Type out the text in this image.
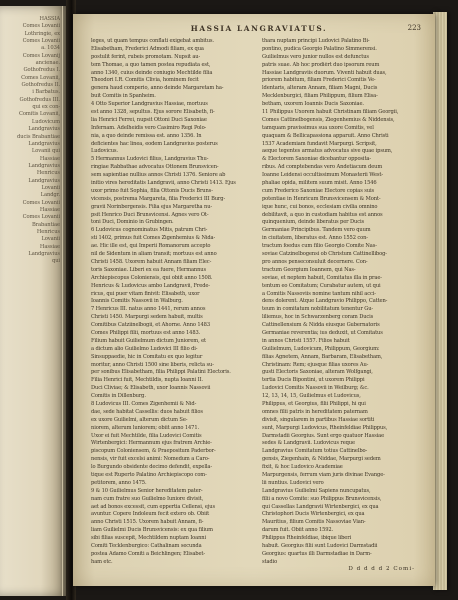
HASSIA
Comes Lovanii
Lothringie, ex
Comes Lovanii
a. 1034
Comes Lovanij
ancienae.
Gothofredus I.
Comes Lovanii,
Gothofredus II.
i Barbatus.
Gothofredus III.
qui ex con-
Comitis Lovanii,
Ludovicum
Landgravius
ducis Brabantiae
Landgravius
Lovanii qui
Hassiae
Landgravius
Henricus
Landgravius
Lovanii
Landgr.
Comes Lovanii
Hassiae
Comes Lovanii
Brabantiae
Henricus
Lovanii
Hassiae
Landgravius
qui
HASSIA LANGRAVIATUS.	223
leges, ut quam tempus conflati exigebat ambitus.
Elisabetham, Frederici Admodi filiam, ex qua
postulit ferint, rubeis promotam. Nupsit au-
tem Thomae, a quo tamen postea repudiata est,
anno 1340, cuius deinde coniugio Mechtilde filia
Theodori I.R. Comitis Clivia, hominem fecit
genera haud comperio, anno deinde Margaretam ha-
buit Comitis in Spanheim.
4 Otto Superior Landgravius Hassiae, mortuus
est anno 1328, sepultus. Ejus sorore Elisabeth, fi-
lia Henrici Ferrei, nupsit Ottoni Duci Saxoniae
Infernam. Adelheidis vero Casimiro Regi Polo-
nia, a quo deinde remissa est. anno 1356. In
deficientes hac linea, eodem Landgravius posterus
Ludovicus.
5 Hermannus Ludovici filius, Landgravius Thu-
ringiae Rabbathae advocatus Ottonem Brunsvicen-
sem sapientiae nullius annos Christi 1376. Seniore ab
initio vires hereditatis Landgravii, anno Christi 1413. Ejus
uxor primo fuit Sophia, filia Ottonis Ducis Bruns-
vicensis, postrema Margareta, filia Frederici III Burg-
gravii Norinbergensis. Filia ejus Margaretha nu-
psit Henrico Duci Brunsvicensi. Agnes vero Ot-
toni Duci, Dominio in Grubingen.
6 Ludovicus cognominatus Mitis, patrum Chri-
sti 1402, primus fuit Comes Zigenhemius & Nida-
ae. Hic ille est, qui Imperii Romanorum accepto
nil de Sidentum in aliam transit; mortuus est anno
Christi 1458. Uxorem habuit Annam filiam Elec-
toris Saxoniae. Liberi ex ea fuere, Hermannus
Archiepiscopus Coloniensis, qui obiit anno 1508.
Henricus & Ludovicus ambo Landgravii, Frede-
ricus, qui puer vitam finivit: Elisabeth, uxor
Ioannis Comitis Nassovii in Walburg.
7 Henricus III. natus anno 1441, rerum annos
Christi 1450. Marpurgi sedem habuit, multis
Comitibus Catziinelbogii, et Ahorne. Anno 1483
Comes Philippi filii, mortuus est anno 1483.
Filium habuit Guilielmum dictum Juniorem, et
a dictum alio Guilielmo Ludovici III filio di-
Sinsuppaedie, hic in Comitatu ex quo legitur
moritur, anno Christi 1500 sine liberis, relicta su-
per sonibus Elisabetham, filia Philippi Palatini Electoris.
Filia Henrici fuit, Mechtildis, nupta Ioanni II.
Duci Cliviae; & Elisabeth, uxor Ioannis Nassovii
Comitis in Dillenburg.
8 Ludovicus III. Comes Zigenhemii & Nid-
dae, sede habitat Cassellis: duos habuit filios
ex uxore Guilielmi, alterum dictum Se-
niorem, alterum luniorem; obiit anno 1471.
Uxor ei fuit Mechtilde, filia Ludovici Comitis
Wirtenbergici: Hermannum ejus fratrem Archie-
piscopum Coloniensem, & Praepositum Paderbor-
nensis, vir fuit excelsi animi: Nomedum a Caro-
lo Burgundo obsidente decimo defendit, expella-
tique est Ruperto Palatino Archiepiscopo com-
petitorem, anno 1475.
9 & 10 Guilielmus Senior hereditatem pater-
nam cum fratre suo Guilielmo Iuniore divisit,
aet ad bonos excessit, cum eppertia Cellensi, ejus
avuntur. Copere Indoleum fecit extero ob. Obiit
anno Christi 1515. Uxorem habuit Annam, fi-
liam Guilielmi Ducis Brunsvicensis: ex qua filium
sibi filias suscepit, Mechtildem nuptam Ioanni
Comiti Tecklenburgico: Cathalinam secunda
postea Adamo Comiti a Beichlingen; Elisabet-
ham etc.
thara nuptam principi Ludovici Palatino Bi-
pontino, pudica Georgio Palatino Simmerensi.
Guilielmus vero junior nullos est defunctus
patris suae. Ab hoc prodiêrt duo ipsorum reum
Hassiae Landgraviis duorum. Viventi habuit duas,
priorem habitum, filiam Frederici Comitis Ve-
ldentaris, alteram Annam, filiam Magni, Ducis
Mecklenburgici, filiam Philippum, filium Elisa-
betham, uxorem Ioannis Ducis Saxoniae.
11 Philippus Uxorem habuit Christinam filiam Georgii,
Comes Cattinelbogensis, Ziegenhemius & Niddensis,
tamquam pravissimus sua uxore Comitis, vel
quaquam & Bellicapassiona apparuit. Anno Christi
1537 Academiam fundavit Marpurgi. Scripsit,
aeque tegentes armatus advocatus sive quae ipsum,
& Electorem Saxoniae dicebantur opposita-
ribus. Ad comptebendas vero Andetiacum deum
Ioanne Leidensi occultissimum Monasterii West-
phaliae opida, militem suum misit. Anno 1546
cum Frederico Saxoniae Electore copias suis
potentiae in Henricum Brunsvicensem & Mont-
ique hunc, cui bonos, ecclesiam civilia omnino
debilitavit, a quo in custodiam habitus est annos
quinquenium, deinde liberatus per Ducis
Germaniae Principibus. Tandem vero quum
in ciuitatem, liberatus est. Anno 1552 con-
tractum foedus cum filio Georgio Comite Nas-
soviae Catzinelbogensi ob Christum Cattinellibog-
pro annos penseconsuluit decernere. Con-
tractum Georgium Ioannem, qui Nas-
soviae, et neptem habuit, Comitatus illa in prae-
tentum eo Comitatum; Curabatur autem, ut qui
a Comitis Nassoviis nomine tantum nihil acci-
dens dolerent. Atque Landgravio Philippo, Catten-
teum in comitatum nobilitatum tenentur Gu-
liliemus, hoc in Schwarzenberg coram Ducis
Cattinellensium & Nidda eiusque Gubernatoris
Germaniae reverentia; ius deduxit, ut Comitatus
in annos Christi 1557. Filios habuit
Guilielmum, Ludovicum, Philippum, Georgium:
filias Agnetem, Annam, Barbaram, Elisabetham,
Christinam: Rem; ejusque filias uxores Au-
gusti Electoris Saxoniae, alteram Wolfgangi,
tertia Ducis Bipontini, ut uxorem Philippi
Ludovici Comitis Nassovii in Weilburg; &c.
12, 13, 14, 15, Guilielmus et Ludovicus,
Philippus, et Georgius, filii Philippi, hi qui
omnes filii patris in hereditatem paternam
divisit, singularem in partibus Hassiae sortiti
sunt, Marpurgi Ludovicus, Rheinfeldiae Philippus,
Darmstadii Georgius. Sunt ergo quatuor Hassiae
sedes & Landgravii. Ludovicus reque
Landgravius Comitatum totius Cattinelbo-
gensis, Ziegenhain, & Niddae, Marpurgi sedem
fixit, & hoc Ludovico Academiae
Marpurgensis, ferrum viam juris divinae Evange-
lii nuntius. Ludovici vero
Landgravius Guilielmi Sapiens nuncupatus,
filii a novo Comite: suo Philippus Brunsvicensis,
qui Cassellas Landgravii Wirtenbergici, ex qua
Christophori Ducis Wirtenbergici, ex qua
Mauritius, filium Comitis Nassoviae Vian-
darum fuit. Obiit anno 1592.
Philippus Rheinfeldiae, ibique liberi
habuit. Georgius filii sunt Ludovici Darmstadii
Georgius: quartus illi Darmstadiae in Darm-
stadio
D d d d d 2 Comi-
